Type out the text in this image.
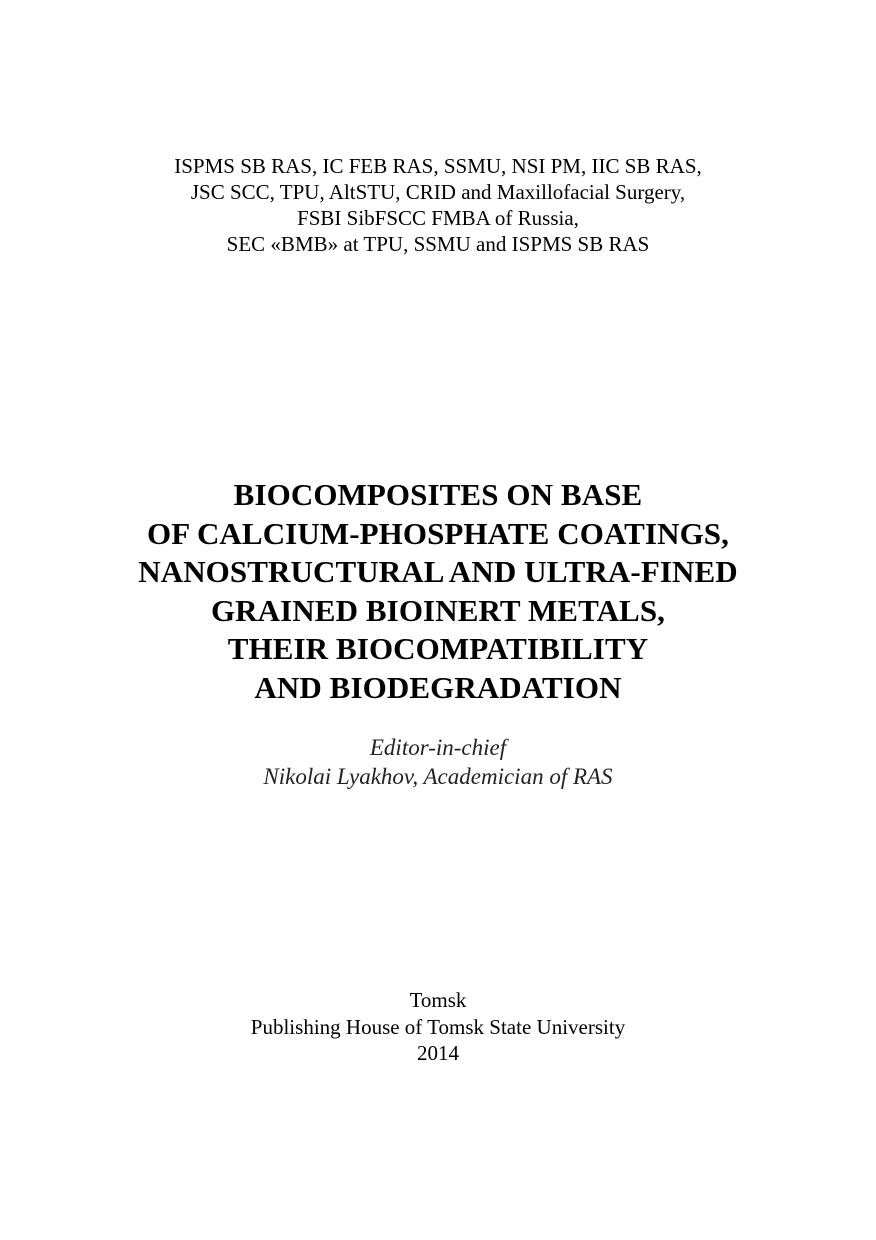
ISPMS SB RAS, IC FEB RAS, SSMU, NSI PM, IIC SB RAS,
JSC SCC, TPU, AltSTU, CRID and Maxillofacial Surgery,
FSBI SibFSCC FMBA of Russia,
SEC «BMB» at TPU, SSMU and ISPMS SB RAS
BIOCOMPOSITES ON BASE
OF CALCIUM-PHOSPHATE COATINGS,
NANOSTRUCTURAL AND ULTRA-FINED
GRAINED BIOINERT METALS,
THEIR BIOCOMPATIBILITY
AND BIODEGRADATION
Editor-in-chief
Nikolai Lyakhov, Academician of RAS
Tomsk
Publishing House of Tomsk State University
2014
